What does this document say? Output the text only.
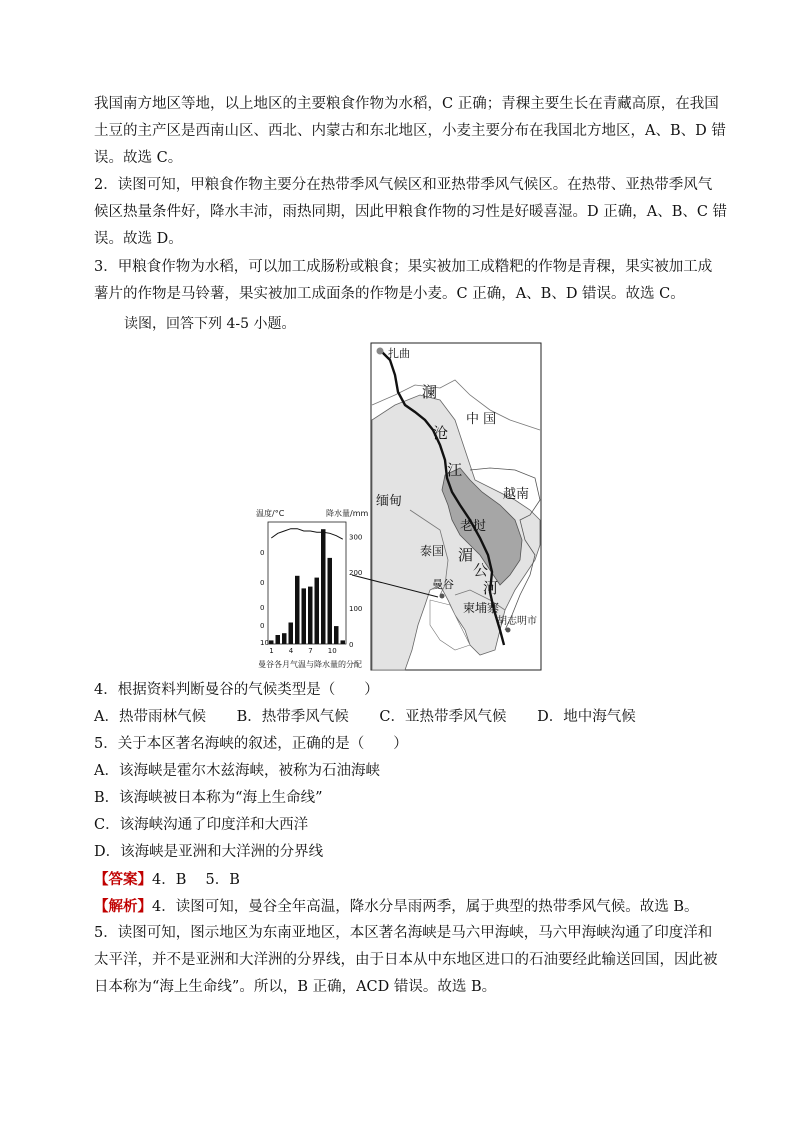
我国南方地区等地，以上地区的主要粮食作物为水稻，C 正确；青稞主要生长在青藏高原，在我国
土豆的主产区是西南山区、西北、内蒙古和东北地区，小麦主要分布在我国北方地区，A、B、D 错
误。故选 C。
2．读图可知，甲粮食作物主要分在热带季风气候区和亚热带季风气候区。在热带、亚热带季风气
候区热量条件好，降水丰沛，雨热同期，因此甲粮食作物的习性是好暖喜湿。D 正确，A、B、C 错
误。故选 D。
3．甲粮食作物为水稻，可以加工成肠粉或粮食；果实被加工成糌粑的作物是青稞，果实被加工成
薯片的作物是马铃薯，果实被加工成面条的作物是小麦。C 正确，A、B、D 错误。故选 C。
读图，回答下列 4-5 小题。
扎曲
澜
沧
江
中 国
缅甸	越南
老挝
泰国 湄
公
河
曼谷
柬埔寨
胡志明市
温度/°C	降水量/mm
0
0
0
0
10
300
200
100
0
1 4 7 10
曼谷各月气温与降水量的分配
4．根据资料判断曼谷的气候类型是（　　）
A．热带雨林气候 B．热带季风气候 C．亚热带季风气候 D．地中海气候
5．关于本区著名海峡的叙述，正确的是（　　）
A．该海峡是霍尔木兹海峡，被称为石油海峡
B．该海峡被日本称为“海上生命线”
C．该海峡沟通了印度洋和大西洋
D．该海峡是亚洲和大洋洲的分界线
【答案】4．B　 5．B
【解析】4．读图可知，曼谷全年高温，降水分旱雨两季，属于典型的热带季风气候。故选 B。
5．读图可知，图示地区为东南亚地区，本区著名海峡是马六甲海峡，马六甲海峡沟通了印度洋和
太平洋，并不是亚洲和大洋洲的分界线，由于日本从中东地区进口的石油要经此输送回国，因此被
日本称为“海上生命线”。所以，B 正确，ACD 错误。故选 B。
